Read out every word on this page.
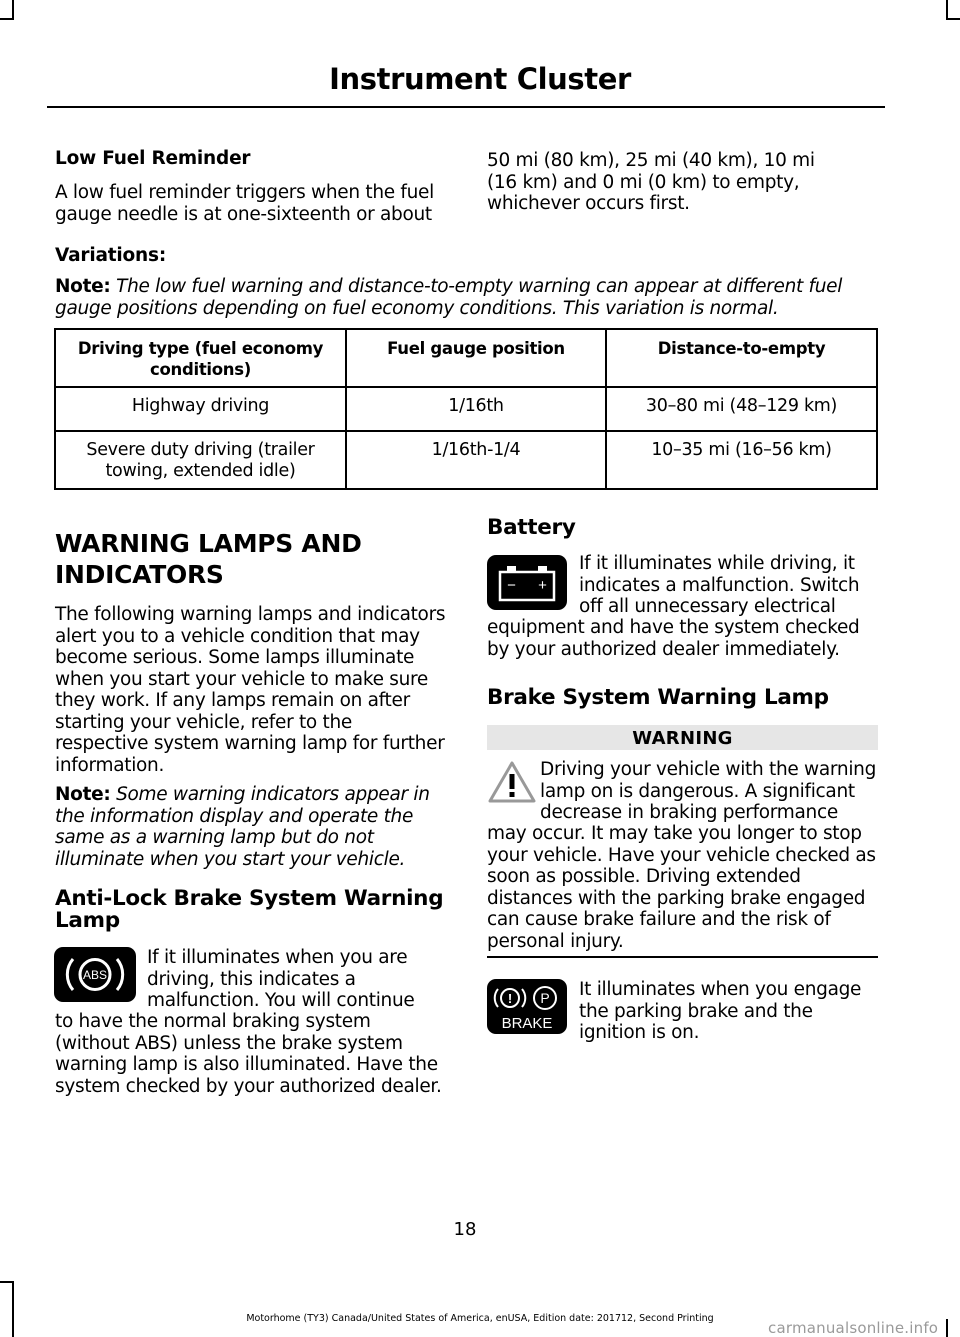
Instrument Cluster
Low Fuel Reminder
A low fuel reminder triggers when the fuel gauge needle is at one-sixteenth or about
50 mi (80 km), 25 mi (40 km), 10 mi (16 km) and 0 mi (0 km) to empty, whichever occurs first.
Variations:
Note: The low fuel warning and distance-to-empty warning can appear at different fuel gauge positions depending on fuel economy conditions. This variation is normal.
Driving type (fuel economy conditions)	Fuel gauge position	Distance-to-empty
Highway driving	1/16th	30–80 mi (48–129 km)
Severe duty driving (trailer towing, extended idle)	1/16th-1/4	10–35 mi (16–56 km)
WARNING LAMPS AND
INDICATORS
The following warning lamps and indicators alert you to a vehicle condition that may become serious. Some lamps illuminate when you start your vehicle to make sure they work. If any lamps remain on after starting your vehicle, refer to the respective system warning lamp for further information.
Note: Some warning indicators appear in the information display and operate the same as a warning lamp but do not illuminate when you start your vehicle.
Anti-Lock Brake System Warning
Lamp
ABS
If it illuminates when you are
driving, this indicates a
malfunction. You will continue
to have the normal braking system (without ABS) unless the brake system warning lamp is also illuminated. Have the system checked by your authorized dealer.
Battery
− +
If it illuminates while driving, it
indicates a malfunction. Switch
off all unnecessary electrical
equipment and have the system checked by your authorized dealer immediately.
Brake System Warning Lamp
WARNING
Driving your vehicle with the warning
lamp on is dangerous. A significant
decrease in braking performance
may occur. It may take you longer to stop your vehicle. Have your vehicle checked as soon as possible. Driving extended distances with the parking brake engaged can cause brake failure and the risk of personal injury.
! P
BRAKE
It illuminates when you engage
the parking brake and the
ignition is on.
18
Motorhome (TY3) Canada/United States of America, enUSA, Edition date: 201712, Second Printing
carmanualsonline.info
